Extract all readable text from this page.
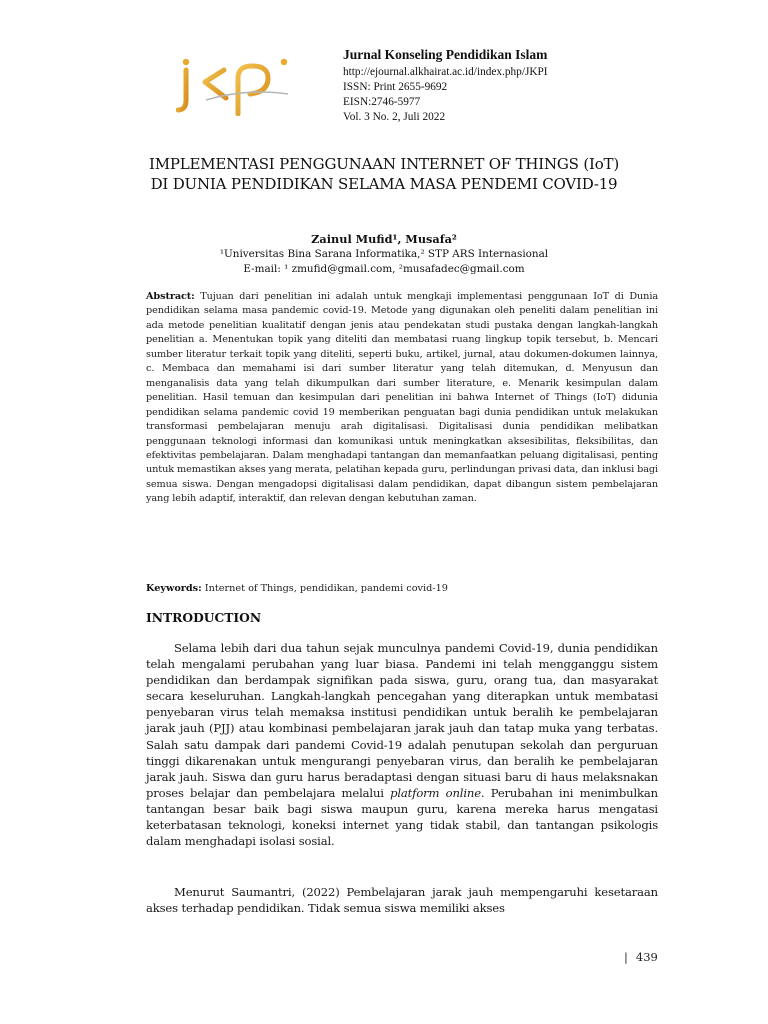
Jurnal Konseling Pendidikan Islam
http://ejournal.alkhairat.ac.id/index.php/JKPI
ISSN: Print 2655-9692
EISN:2746-5977
Vol. 3 No. 2, Juli 2022
IMPLEMENTASI PENGGUNAAN INTERNET OF THINGS (IoT) DI DUNIA PENDIDIKAN SELAMA MASA PENDEMI COVID-19
Zainul Mufid¹, Musafa²
¹Universitas Bina Sarana Informatika,² STP ARS Internasional
E-mail: ¹ zmufid@gmail.com, ²musafadec@gmail.com
Abstract: Tujuan dari penelitian ini adalah untuk mengkaji implementasi penggunaan IoT di Dunia pendidikan selama masa pandemic covid-19. Metode yang digunakan oleh peneliti dalam penelitian ini ada metode penelitian kualitatif dengan jenis atau pendekatan studi pustaka dengan langkah-langkah penelitian a. Menentukan topik yang diteliti dan membatasi ruang lingkup topik tersebut, b. Mencari sumber literatur terkait topik yang diteliti, seperti buku, artikel, jurnal, atau dokumen-dokumen lainnya, c. Membaca dan memahami isi dari sumber literatur yang telah ditemukan, d. Menyusun dan menganalisis data yang telah dikumpulkan dari sumber literature, e. Menarik kesimpulan dalam penelitian. Hasil temuan dan kesimpulan dari penelitian ini bahwa Internet of Things (IoT) didunia pendidikan selama pandemic covid 19 memberikan penguatan bagi dunia pendidikan untuk melakukan transformasi pembelajaran menuju arah digitalisasi. Digitalisasi dunia pendidikan melibatkan penggunaan teknologi informasi dan komunikasi untuk meningkatkan aksesibilitas, fleksibilitas, dan efektivitas pembelajaran. Dalam menghadapi tantangan dan memanfaatkan peluang digitalisasi, penting untuk memastikan akses yang merata, pelatihan kepada guru, perlindungan privasi data, dan inklusi bagi semua siswa. Dengan mengadopsi digitalisasi dalam pendidikan, dapat dibangun sistem pembelajaran yang lebih adaptif, interaktif, dan relevan dengan kebutuhan zaman.
Keywords: Internet of Things, pendidikan, pandemi covid-19
INTRODUCTION
Selama lebih dari dua tahun sejak munculnya pandemi Covid-19, dunia pendidikan telah mengalami perubahan yang luar biasa. Pandemi ini telah mengganggu sistem pendidikan dan berdampak signifikan pada siswa, guru, orang tua, dan masyarakat secara keseluruhan. Langkah-langkah pencegahan yang diterapkan untuk membatasi penyebaran virus telah memaksa institusi pendidikan untuk beralih ke pembelajaran jarak jauh (PJJ) atau kombinasi pembelajaran jarak jauh dan tatap muka yang terbatas. Salah satu dampak dari pandemi Covid-19 adalah penutupan sekolah dan perguruan tinggi dikarenakan untuk mengurangi penyebaran virus, dan beralih ke pembelajaran jarak jauh. Siswa dan guru harus beradaptasi dengan situasi baru di haus melaksnakan proses belajar dan pembelajara melalui platform online. Perubahan ini menimbulkan tantangan besar baik bagi siswa maupun guru, karena mereka harus mengatasi keterbatasan teknologi, koneksi internet yang tidak stabil, dan tantangan psikologis dalam menghadapi isolasi sosial.
Menurut Saumantri, (2022) Pembelajaran jarak jauh mempengaruhi kesetaraan akses terhadap pendidikan. Tidak semua siswa memiliki akses
| 439
